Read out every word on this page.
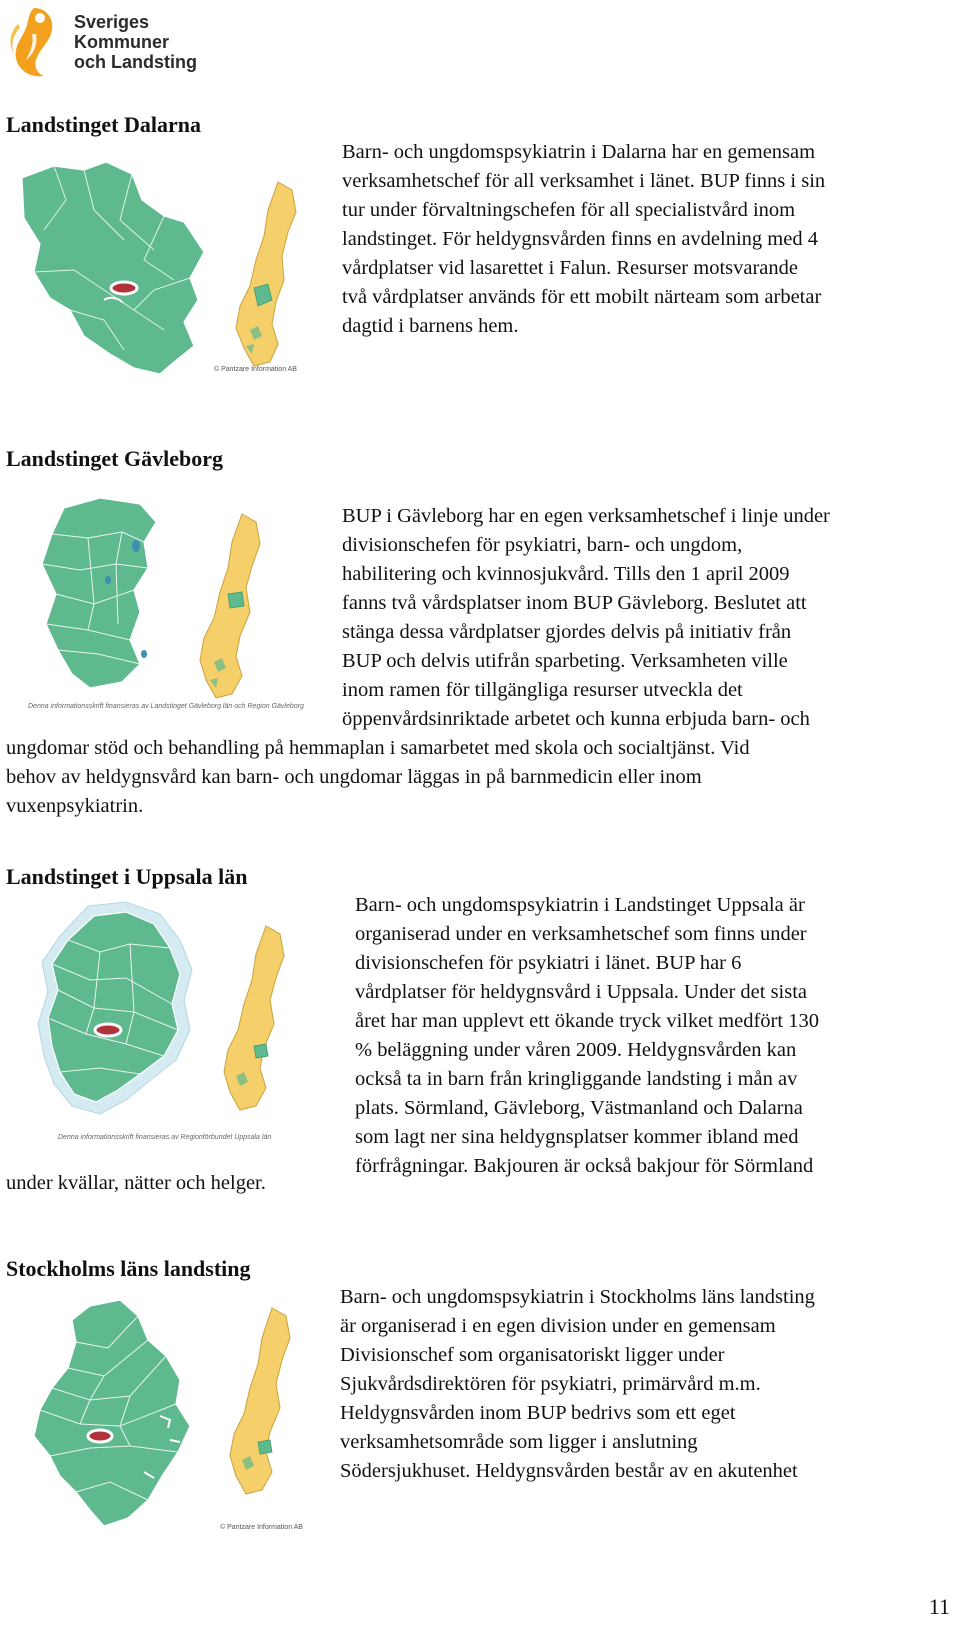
Sveriges
Kommuner
och Landsting
Landstinget Dalarna
© Pantzare Information AB
Barn- och ungdomspsykiatrin i Dalarna har en gemensam
verksamhetschef för all verksamhet i länet. BUP finns i sin
tur under förvaltningschefen för all specialistvård inom
landstinget. För heldygnsvården finns en avdelning med 4
vårdplatser vid lasarettet i Falun. Resurser motsvarande
två vårdplatser används för ett mobilt närteam som arbetar
dagtid i barnens hem.
Landstinget Gävleborg
Denna informationsskrift finansieras av Landstinget Gävleborg län och Region Gävleborg
BUP i Gävleborg har en egen verksamhetschef i linje under
divisionschefen för psykiatri, barn- och ungdom,
habilitering och kvinnosjukvård. Tills den 1 april 2009
fanns två vårdsplatser inom BUP Gävleborg. Beslutet att
stänga dessa vårdplatser gjordes delvis på initiativ från
BUP och delvis utifrån sparbeting. Verksamheten ville
inom ramen för tillgängliga resurser utveckla det
öppenvårdsinriktade arbetet och kunna erbjuda barn- och
ungdomar stöd och behandling på hemmaplan i samarbetet med skola och socialtjänst. Vid
behov av heldygnsvård kan barn- och ungdomar läggas in på barnmedicin eller inom
vuxenpsykiatrin.
Landstinget i Uppsala län
Denna informationsskrift finansieras av Regionförbundet Uppsala län
Barn- och ungdomspsykiatrin i Landstinget Uppsala är
organiserad under en verksamhetschef som finns under
divisionschefen för psykiatri i länet. BUP har 6
vårdplatser för heldygnsvård i Uppsala. Under det sista
året har man upplevt ett ökande tryck vilket medfört 130
% beläggning under våren 2009. Heldygnsvården kan
också ta in barn från kringliggande landsting i mån av
plats. Sörmland, Gävleborg, Västmanland och Dalarna
som lagt ner sina heldygnsplatser kommer ibland med
förfrågningar. Bakjouren är också bakjour för Sörmland
under kvällar, nätter och helger.
Stockholms läns landsting
© Pantzare Information AB
Barn- och ungdomspsykiatrin i Stockholms läns landsting
är organiserad i en egen division under en gemensam
Divisionschef som organisatoriskt ligger under
Sjukvårdsdirektören för psykiatri, primärvård m.m.
Heldygnsvården inom BUP bedrivs som ett eget
verksamhetsområde som ligger i anslutning
Södersjukhuset. Heldygnsvården består av en akutenhet
11
